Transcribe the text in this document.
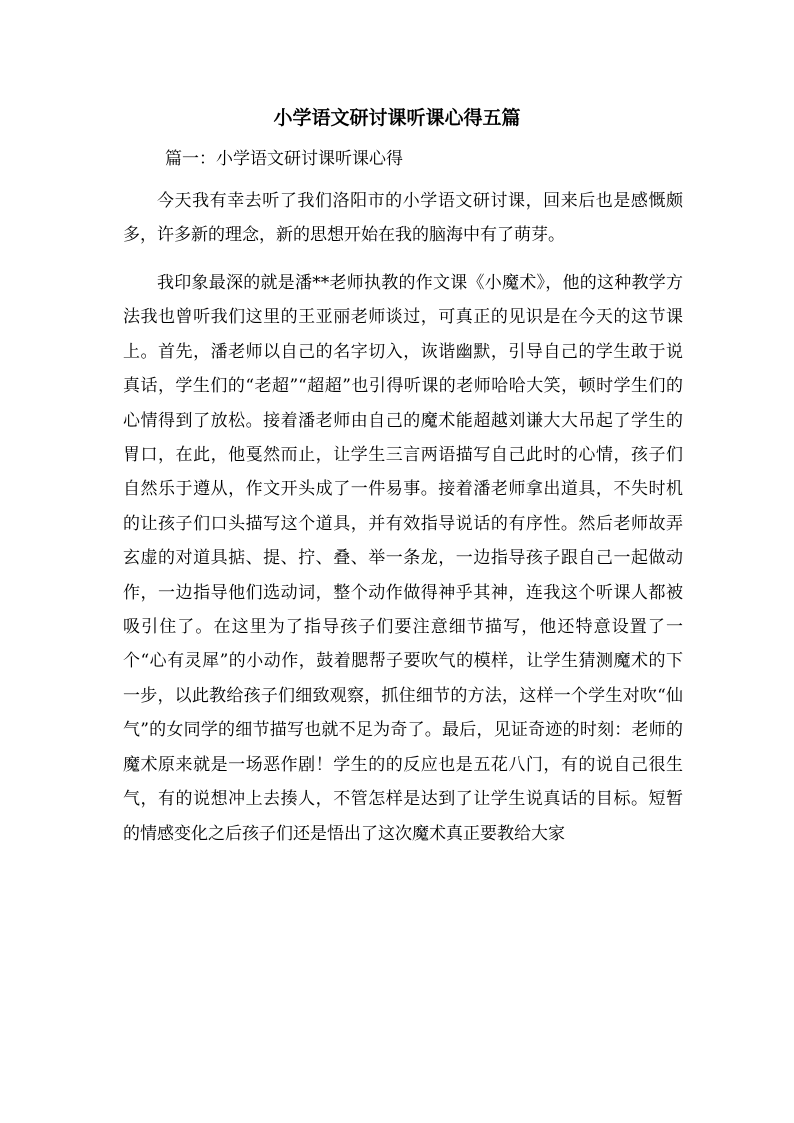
小学语文研讨课听课心得五篇
篇一：小学语文研讨课听课心得

今天我有幸去听了我们洛阳市的小学语文研讨课，回来后也是感慨颇多，许多新的理念，新的思想开始在我的脑海中有了萌芽。

我印象最深的就是潘**老师执教的作文课《小魔术》，他的这种教学方法我也曾听我们这里的王亚丽老师谈过，可真正的见识是在今天的这节课上。首先，潘老师以自己的名字切入，诙谐幽默，引导自己的学生敢于说真话，学生们的“老超”“超超”也引得听课的老师哈哈大笑，顿时学生们的心情得到了放松。接着潘老师由自己的魔术能超越刘谦大大吊起了学生的胃口，在此，他戛然而止，让学生三言两语描写自己此时的心情，孩子们自然乐于遵从，作文开头成了一件易事。接着潘老师拿出道具，不失时机的让孩子们口头描写这个道具，并有效指导说话的有序性。然后老师故弄玄虚的对道具掂、提、拧、叠、举一条龙，一边指导孩子跟自己一起做动作，一边指导他们选动词，整个动作做得神乎其神，连我这个听课人都被吸引住了。在这里为了指导孩子们要注意细节描写，他还特意设置了一个“心有灵犀”的小动作，鼓着腮帮子要吹气的模样，让学生猜测魔术的下一步，以此教给孩子们细致观察，抓住细节的方法，这样一个学生对吹“仙气”的女同学的细节描写也就不足为奇了。最后，见证奇迹的时刻：老师的魔术原来就是一场恶作剧！学生的的反应也是五花八门，有的说自己很生气，有的说想冲上去揍人，不管怎样是达到了让学生说真话的目标。短暂的情感变化之后孩子们还是悟出了这次魔术真正要教给大家
